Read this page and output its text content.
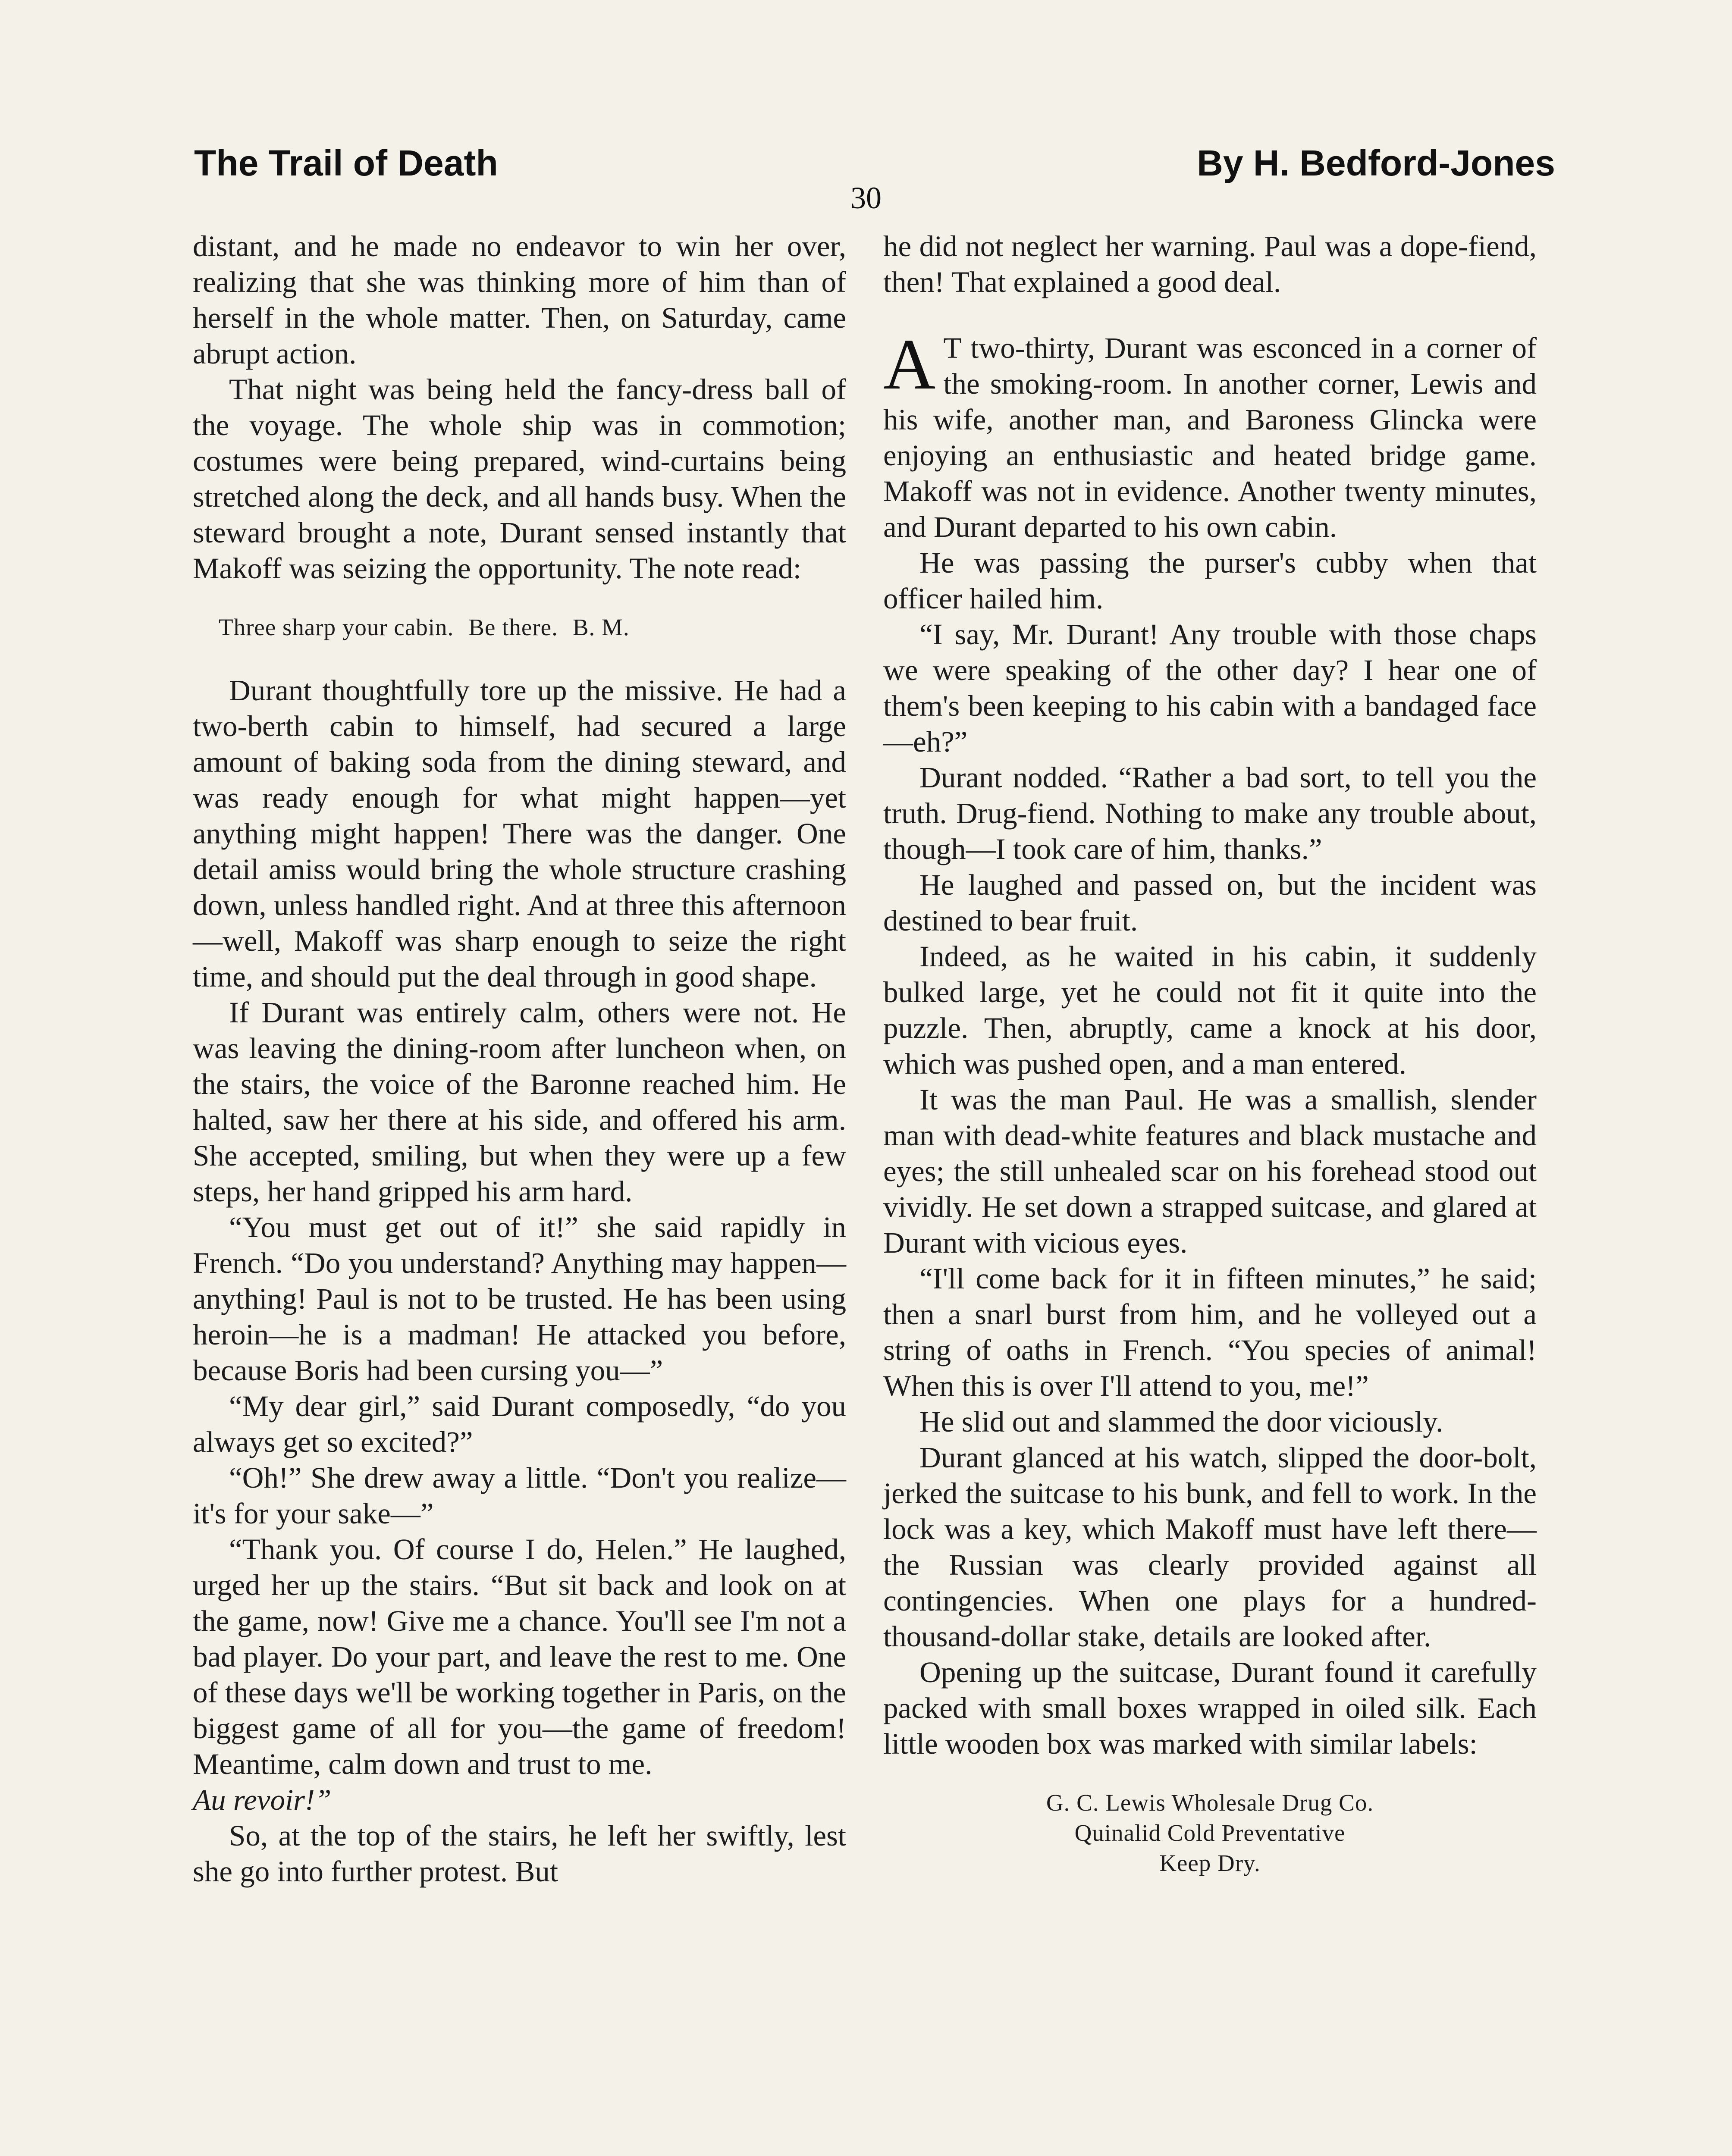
The Trail of Death	By H. Bedford-Jones
30

distant, and he made no endeavor to win her over, realizing that she was thinking more of him than of herself in the whole matter. Then, on Saturday, came abrupt action.

That night was being held the fancy-dress ball of the voyage. The whole ship was in commotion; costumes were being prepared, wind-curtains being stretched along the deck, and all hands busy. When the steward brought a note, Durant sensed instantly that Makoff was seizing the opportunity. The note read:

Three sharp your cabin. Be there. B. M.

Durant thoughtfully tore up the missive. He had a two-berth cabin to himself, had secured a large amount of baking soda from the dining steward, and was ready enough for what might happen—yet anything might happen! There was the danger. One detail amiss would bring the whole structure crashing down, unless handled right. And at three this afternoon—well, Makoff was sharp enough to seize the right time, and should put the deal through in good shape.

If Durant was entirely calm, others were not. He was leaving the dining-room after luncheon when, on the stairs, the voice of the Baronne reached him. He halted, saw her there at his side, and offered his arm. She accepted, smiling, but when they were up a few steps, her hand gripped his arm hard.

“You must get out of it!” she said rapidly in French. “Do you understand? Anything may happen—anything! Paul is not to be trusted. He has been using heroin—he is a madman! He attacked you before, because Boris had been cursing you—”

“My dear girl,” said Durant composedly, “do you always get so excited?”

“Oh!” She drew away a little. “Don't you realize—it's for your sake—”

“Thank you. Of course I do, Helen.” He laughed, urged her up the stairs. “But sit back and look on at the game, now! Give me a chance. You'll see I'm not a bad player. Do your part, and leave the rest to me. One of these days we'll be working together in Paris, on the biggest game of all for you—the game of freedom! Meantime, calm down and trust to me.

Au revoir!”

So, at the top of the stairs, he left her swiftly, lest she go into further protest. But

he did not neglect her warning. Paul was a dope-fiend, then! That explained a good deal.

A T two-thirty, Durant was esconced in a corner of the smoking-room. In another corner, Lewis and his wife, another man, and Baroness Glincka were enjoying an enthusiastic and heated bridge game. Makoff was not in evidence. Another twenty minutes, and Durant departed to his own cabin.

He was passing the purser's cubby when that officer hailed him.

“I say, Mr. Durant! Any trouble with those chaps we were speaking of the other day? I hear one of them's been keeping to his cabin with a bandaged face—eh?”

Durant nodded. “Rather a bad sort, to tell you the truth. Drug-fiend. Nothing to make any trouble about, though—I took care of him, thanks.”

He laughed and passed on, but the incident was destined to bear fruit.

Indeed, as he waited in his cabin, it suddenly bulked large, yet he could not fit it quite into the puzzle. Then, abruptly, came a knock at his door, which was pushed open, and a man entered.

It was the man Paul. He was a smallish, slender man with dead-white features and black mustache and eyes; the still unhealed scar on his forehead stood out vividly. He set down a strapped suitcase, and glared at Durant with vicious eyes.

“I'll come back for it in fifteen minutes,” he said; then a snarl burst from him, and he volleyed out a string of oaths in French. “You species of animal! When this is over I'll attend to you, me!”

He slid out and slammed the door viciously.

Durant glanced at his watch, slipped the door-bolt, jerked the suitcase to his bunk, and fell to work. In the lock was a key, which Makoff must have left there—the Russian was clearly provided against all contingencies. When one plays for a hundred-thousand-dollar stake, details are looked after.

Opening up the suitcase, Durant found it carefully packed with small boxes wrapped in oiled silk. Each little wooden box was marked with similar labels:

G. C. Lewis Wholesale Drug Co.
Quinalid Cold Preventative
Keep Dry.
